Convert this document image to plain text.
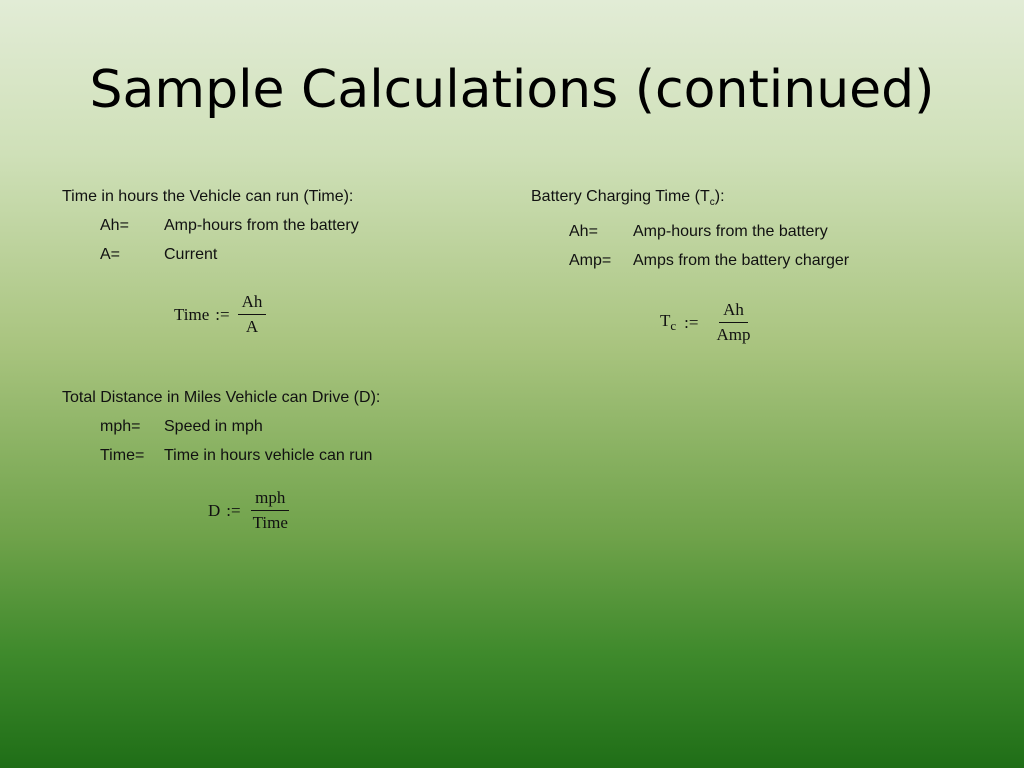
Sample Calculations (continued)
Time in hours the Vehicle can run (Time):
Ah=	Amp-hours from the battery
A=	Current
Time := $\frac{Ah}{A}$
Total Distance in Miles Vehicle can Drive (D):
mph=	Speed in mph
Time=	Time in hours vehicle can run
D := $\frac{\text{mph}}{\text{Time}}$
Battery Charging Time $(T_c)$:
Ah=	Amp-hours from the battery
Amp=	Amps from the battery charger
$T_c$ := $\frac{Ah}{\text{Amp}}$
